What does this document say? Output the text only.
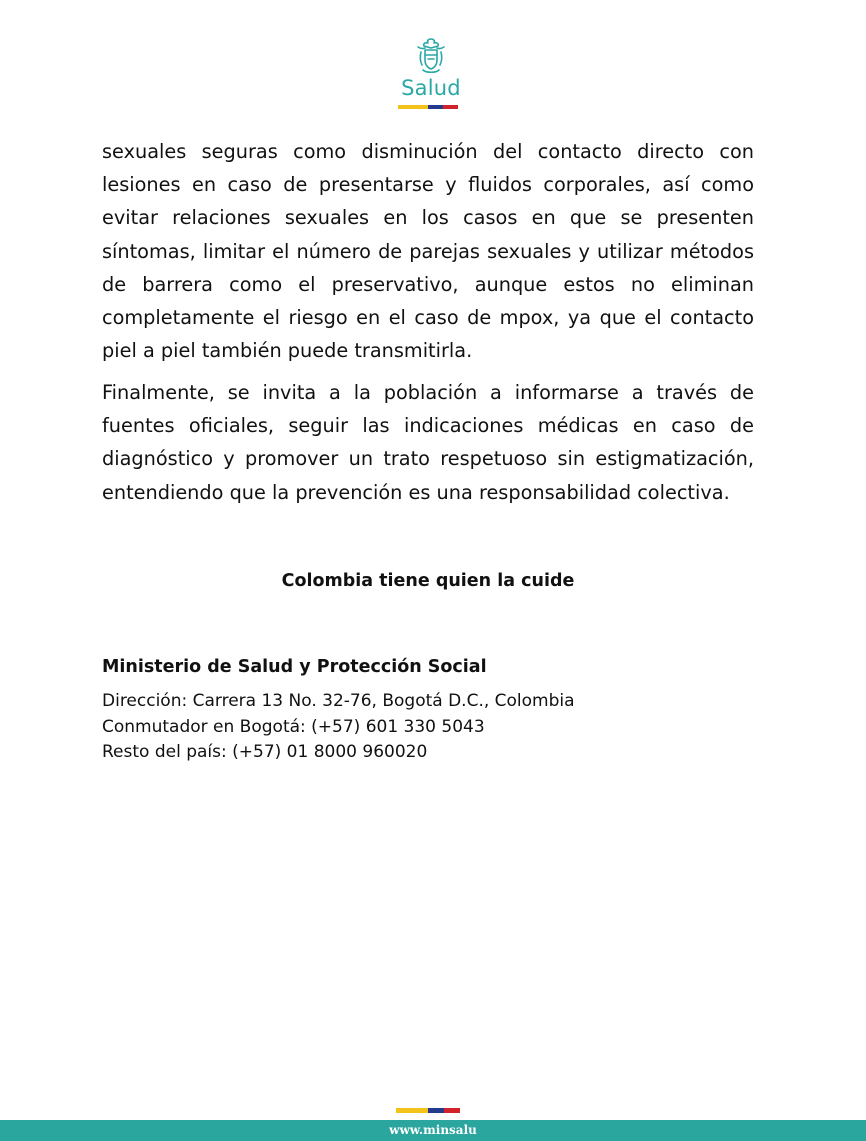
Salud

sexuales seguras como disminución del contacto directo con lesiones en caso de presentarse y fluidos corporales, así como evitar relaciones sexuales en los casos en que se presenten síntomas, limitar el número de parejas sexuales y utilizar métodos de barrera como el preservativo, aunque estos no eliminan completamente el riesgo en el caso de mpox, ya que el contacto piel a piel también puede transmitirla.

Finalmente, se invita a la población a informarse a través de fuentes oficiales, seguir las indicaciones médicas en caso de diagnóstico y promover un trato respetuoso sin estigmatización, entendiendo que la prevención es una responsabilidad colectiva.

Colombia tiene quien la cuide
Ministerio de Salud y Protección Social
Dirección: Carrera 13 No. 32-76, Bogotá D.C., Colombia
Conmutador en Bogotá: (+57) 601 330 5043
Resto del país: (+57) 01 8000 960020
www.minsalu
